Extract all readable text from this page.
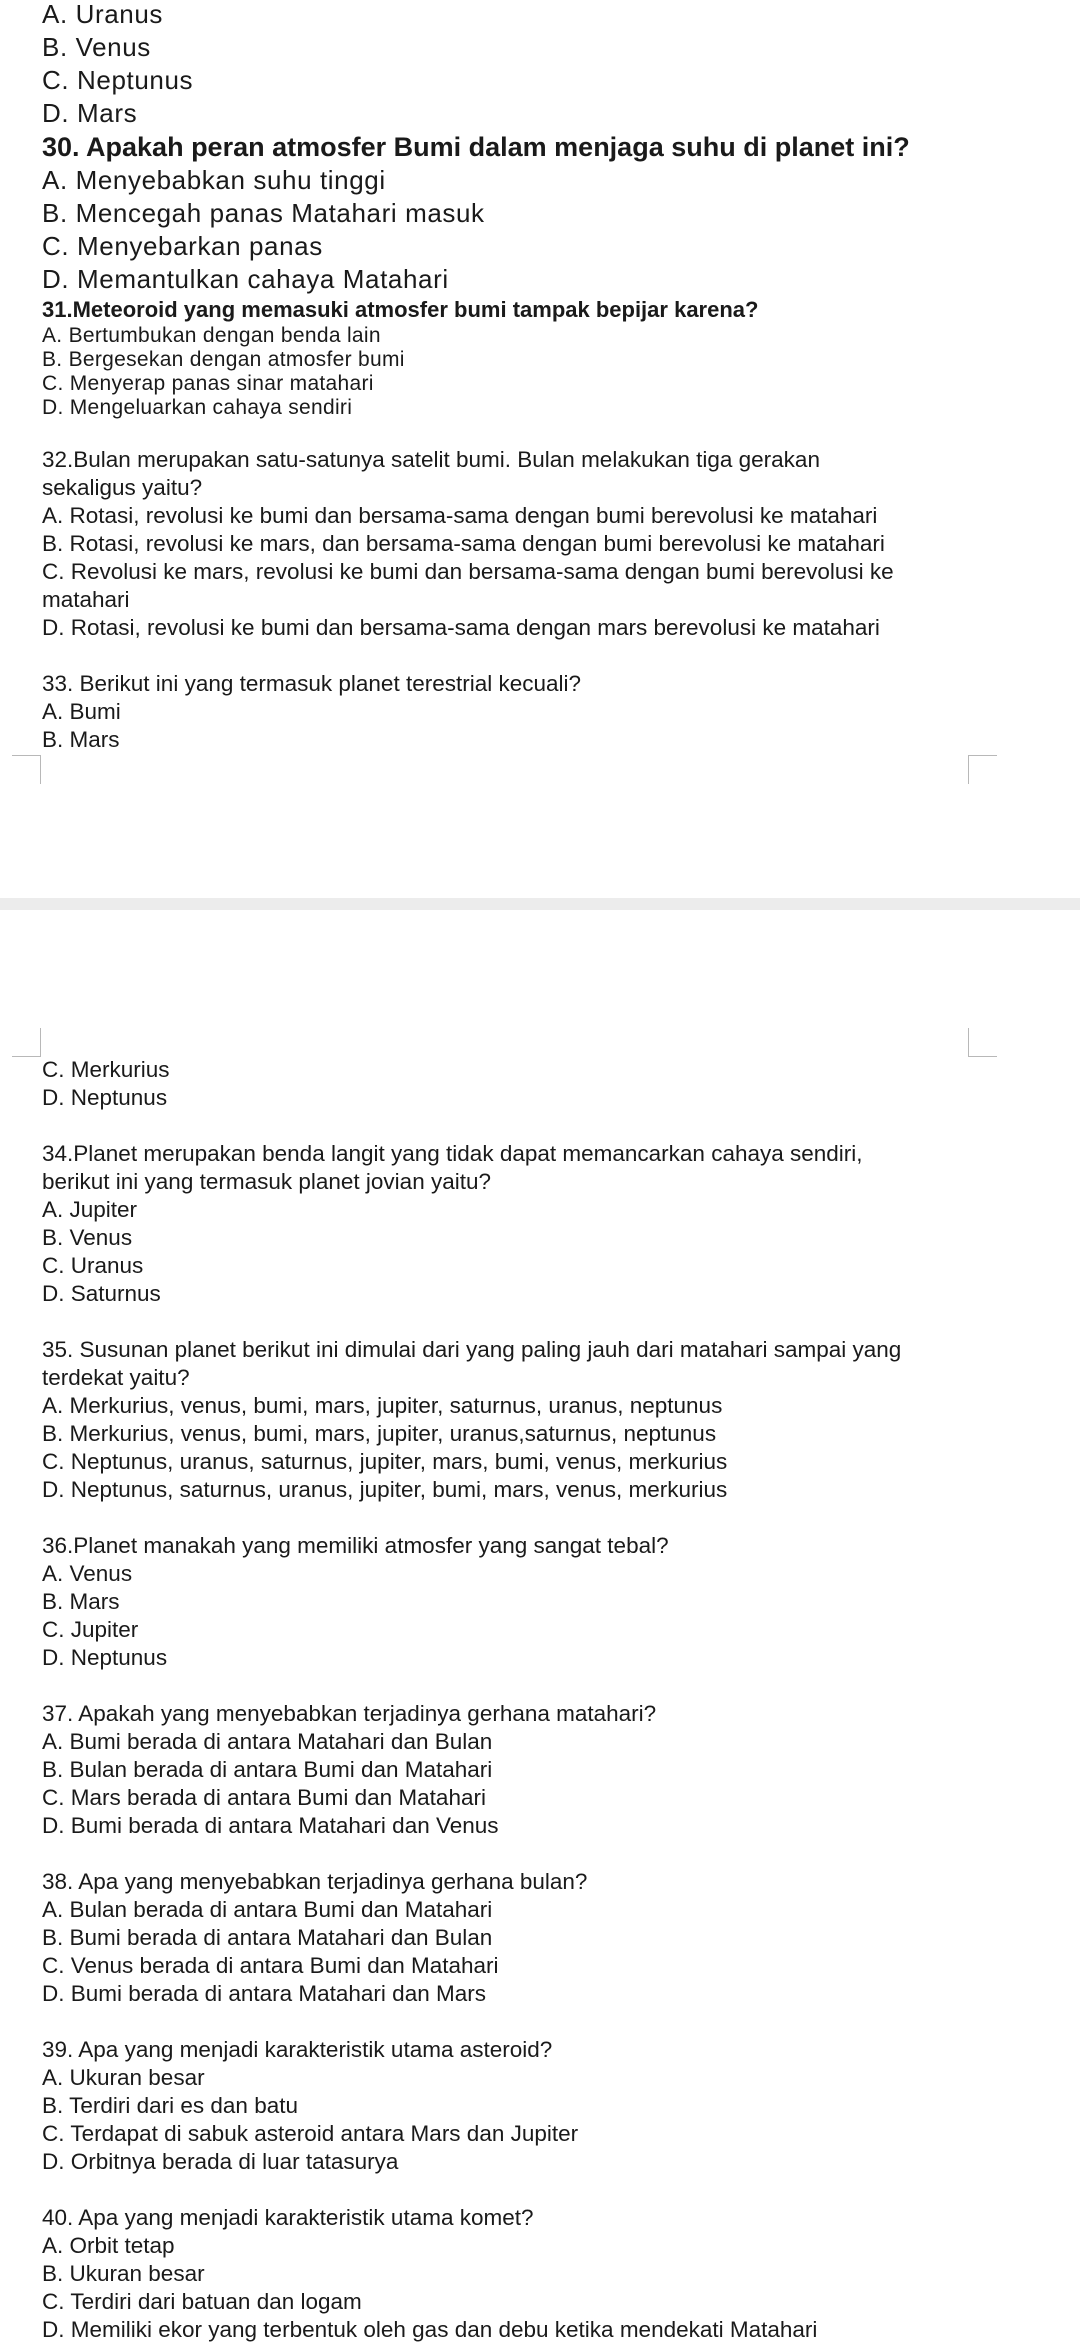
A. Uranus
B. Venus
C. Neptunus
D. Mars
30. Apakah peran atmosfer Bumi dalam menjaga suhu di planet ini?
A. Menyebabkan suhu tinggi
B. Mencegah panas Matahari masuk
C. Menyebarkan panas
D. Memantulkan cahaya Matahari
31.Meteoroid yang memasuki atmosfer bumi tampak bepijar karena?
A. Bertumbukan dengan benda lain
B. Bergesekan dengan atmosfer bumi
C. Menyerap panas sinar matahari
D. Mengeluarkan cahaya sendiri
32.Bulan merupakan satu-satunya satelit bumi. Bulan melakukan tiga gerakan
sekaligus yaitu?
A. Rotasi, revolusi ke bumi dan bersama-sama dengan bumi berevolusi ke matahari
B. Rotasi, revolusi ke mars, dan bersama-sama dengan bumi berevolusi ke matahari
C. Revolusi ke mars, revolusi ke bumi dan bersama-sama dengan bumi berevolusi ke
matahari
D. Rotasi, revolusi ke bumi dan bersama-sama dengan mars berevolusi ke matahari
33. Berikut ini yang termasuk planet terestrial kecuali?
A. Bumi
B. Mars
C. Merkurius
D. Neptunus
34.Planet merupakan benda langit yang tidak dapat memancarkan cahaya sendiri,
berikut ini yang termasuk planet jovian yaitu?
A. Jupiter
B. Venus
C. Uranus
D. Saturnus
35. Susunan planet berikut ini dimulai dari yang paling jauh dari matahari sampai yang
terdekat yaitu?
A. Merkurius, venus, bumi, mars, jupiter, saturnus, uranus, neptunus
B. Merkurius, venus, bumi, mars, jupiter, uranus,saturnus, neptunus
C. Neptunus, uranus, saturnus, jupiter, mars, bumi, venus, merkurius
D. Neptunus, saturnus, uranus, jupiter, bumi, mars, venus, merkurius
36.Planet manakah yang memiliki atmosfer yang sangat tebal?
A. Venus
B. Mars
C. Jupiter
D. Neptunus
37. Apakah yang menyebabkan terjadinya gerhana matahari?
A. Bumi berada di antara Matahari dan Bulan
B. Bulan berada di antara Bumi dan Matahari
C. Mars berada di antara Bumi dan Matahari
D. Bumi berada di antara Matahari dan Venus
38. Apa yang menyebabkan terjadinya gerhana bulan?
A. Bulan berada di antara Bumi dan Matahari
B. Bumi berada di antara Matahari dan Bulan
C. Venus berada di antara Bumi dan Matahari
D. Bumi berada di antara Matahari dan Mars
39. Apa yang menjadi karakteristik utama asteroid?
A. Ukuran besar
B. Terdiri dari es dan batu
C. Terdapat di sabuk asteroid antara Mars dan Jupiter
D. Orbitnya berada di luar tatasurya
40. Apa yang menjadi karakteristik utama komet?
A. Orbit tetap
B. Ukuran besar
C. Terdiri dari batuan dan logam
D. Memiliki ekor yang terbentuk oleh gas dan debu ketika mendekati Matahari
